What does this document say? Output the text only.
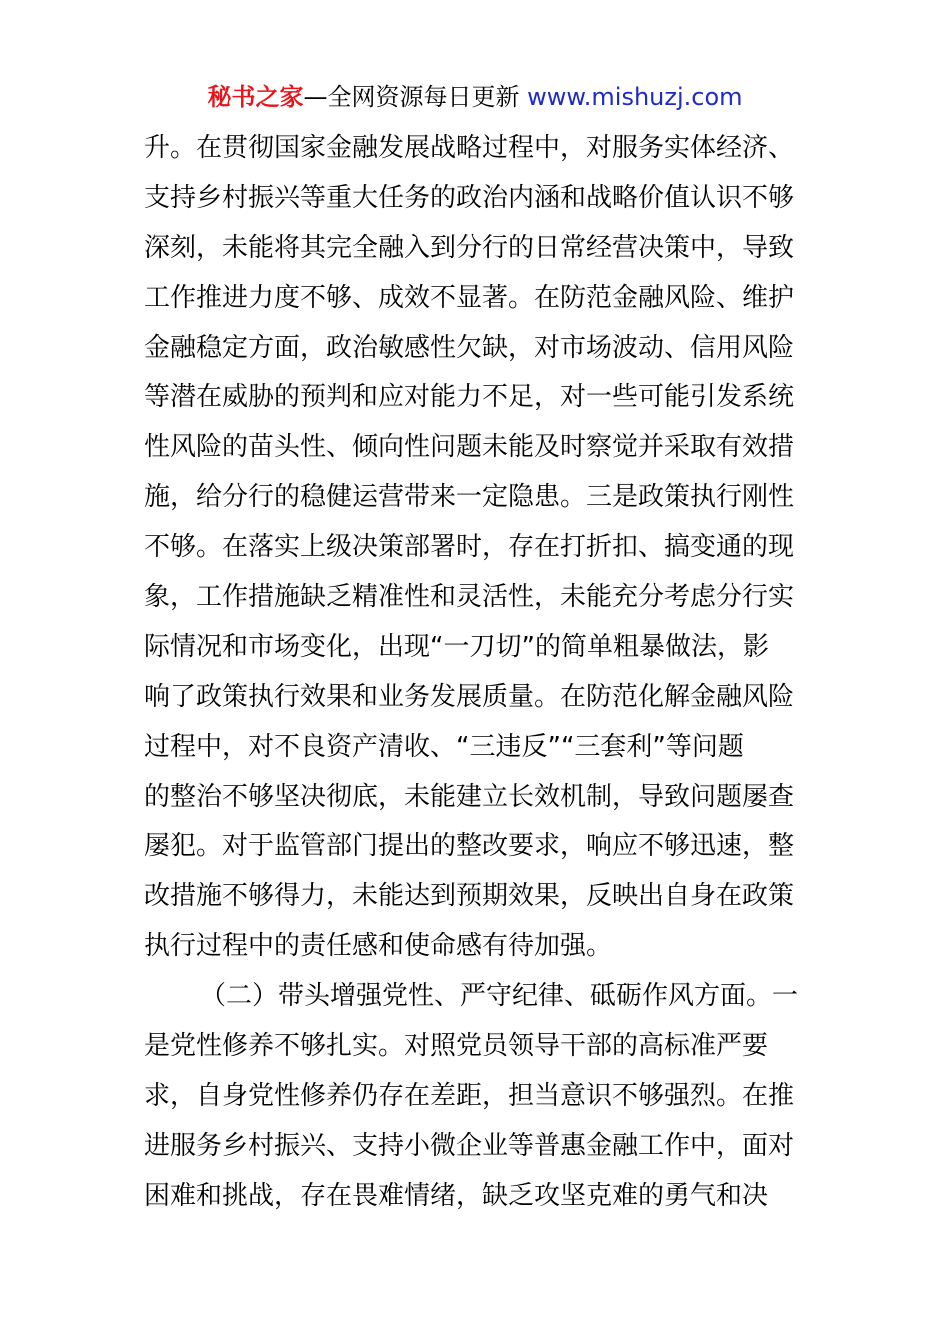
秘书之家—全网资源每日更新 www.mishuzj.com
升。在贯彻国家金融发展战略过程中，对服务实体经济、
支持乡村振兴等重大任务的政治内涵和战略价值认识不够
深刻，未能将其完全融入到分行的日常经营决策中，导致
工作推进力度不够、成效不显著。在防范金融风险、维护
金融稳定方面，政治敏感性欠缺，对市场波动、信用风险
等潜在威胁的预判和应对能力不足，对一些可能引发系统
性风险的苗头性、倾向性问题未能及时察觉并采取有效措
施，给分行的稳健运营带来一定隐患。三是政策执行刚性
不够。在落实上级决策部署时，存在打折扣、搞变通的现
象，工作措施缺乏精准性和灵活性，未能充分考虑分行实
际情况和市场变化，出现“一刀切”的简单粗暴做法，影
响了政策执行效果和业务发展质量。在防范化解金融风险
过程中，对不良资产清收、“三违反”“三套利”等问题
的整治不够坚决彻底，未能建立长效机制，导致问题屡查
屡犯。对于监管部门提出的整改要求，响应不够迅速，整
改措施不够得力，未能达到预期效果，反映出自身在政策
执行过程中的责任感和使命感有待加强。
（二）带头增强党性、严守纪律、砥砺作风方面。一
是党性修养不够扎实。对照党员领导干部的高标准严要
求，自身党性修养仍存在差距，担当意识不够强烈。在推
进服务乡村振兴、支持小微企业等普惠金融工作中，面对
困难和挑战，存在畏难情绪，缺乏攻坚克难的勇气和决
